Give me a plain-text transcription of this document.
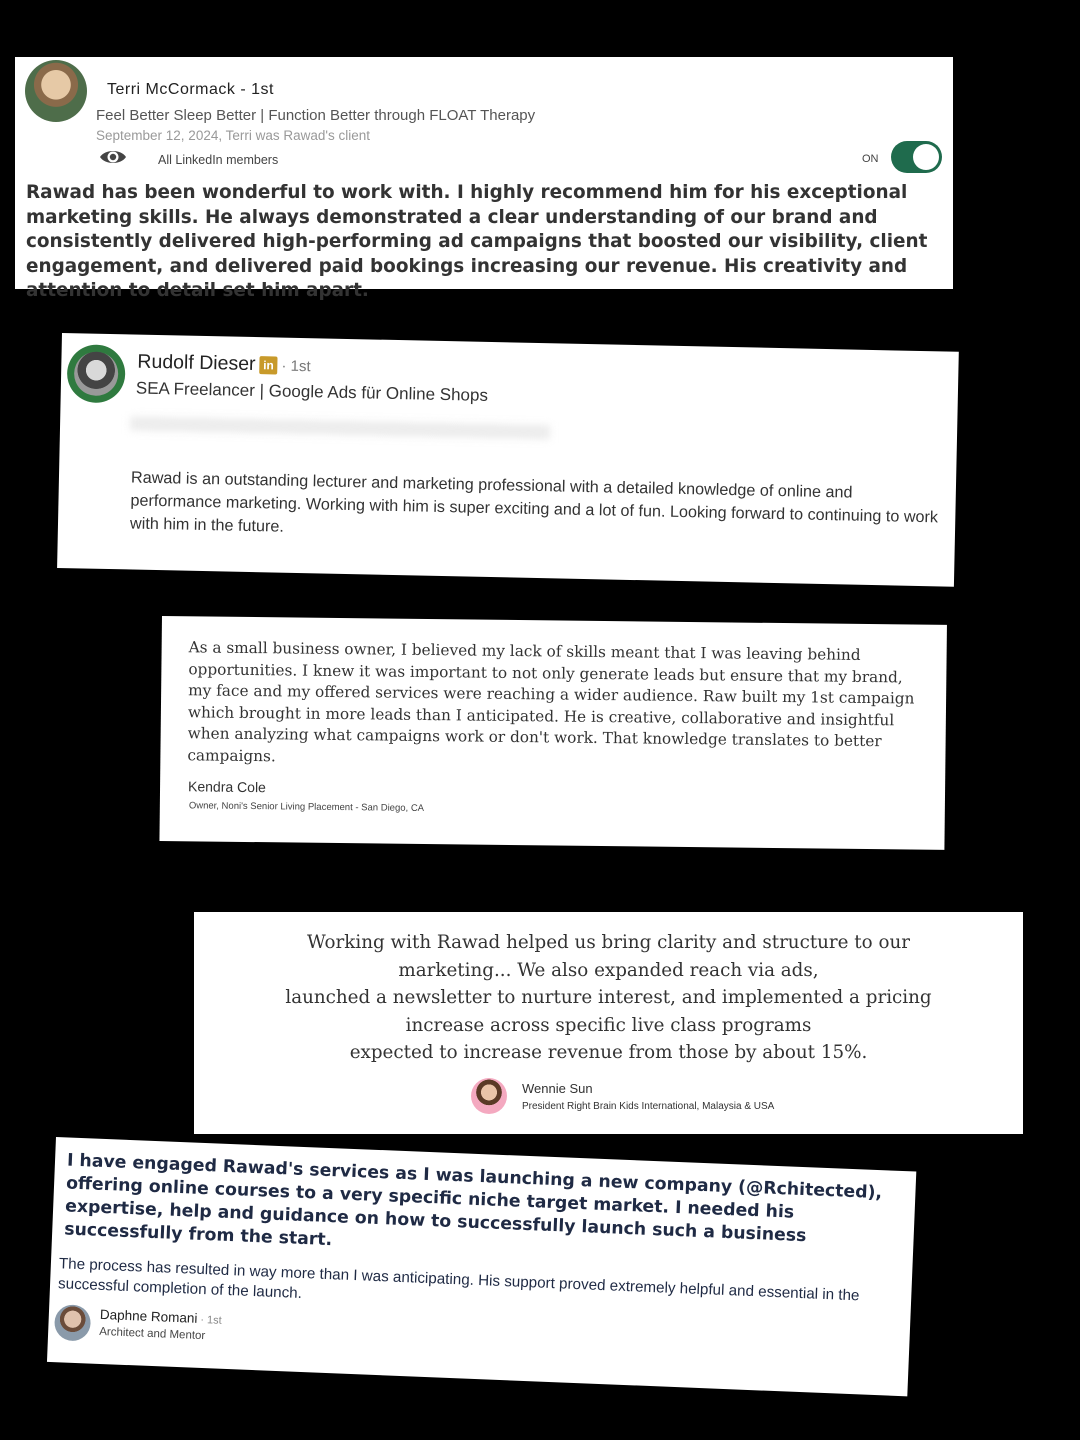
Terri McCormack - 1st
Feel Better Sleep Better | Function Better through FLOAT Therapy
September 12, 2024, Terri was Rawad's client
All LinkedIn members	ON
Rawad has been wonderful to work with. I highly recommend him for his exceptional marketing skills. He always demonstrated a clear understanding of our brand and consistently delivered high-performing ad campaigns that boosted our visibility, client engagement, and delivered paid bookings increasing our revenue. His creativity and attention to detail set him apart.
Rudolf Dieser in · 1st
SEA Freelancer | Google Ads für Online Shops
Rawad is an outstanding lecturer and marketing professional with a detailed knowledge of online and performance marketing. Working with him is super exciting and a lot of fun. Looking forward to continuing to work with him in the future.
As a small business owner, I believed my lack of skills meant that I was leaving behind opportunities. I knew it was important to not only generate leads but ensure that my brand, my face and my offered services were reaching a wider audience. Raw built my 1st campaign which brought in more leads than I anticipated. He is creative, collaborative and insightful when analyzing what campaigns work or don't work. That knowledge translates to better campaigns.
Kendra Cole
Owner, Noni's Senior Living Placement - San Diego, CA
Working with Rawad helped us bring clarity and structure to our
marketing... We also expanded reach via ads,
launched a newsletter to nurture interest, and implemented a pricing
increase across specific live class programs
expected to increase revenue from those by about 15%.
Wennie Sun
President Right Brain Kids International, Malaysia & USA
I have engaged Rawad's services as I was launching a new company (@Rchitected), offering online courses to a very specific niche target market. I needed his expertise, help and guidance on how to successfully launch such a business successfully from the start.
The process has resulted in way more than I was anticipating. His support proved extremely helpful and essential in the successful completion of the launch.
Daphne Romani · 1st
Architect and Mentor
